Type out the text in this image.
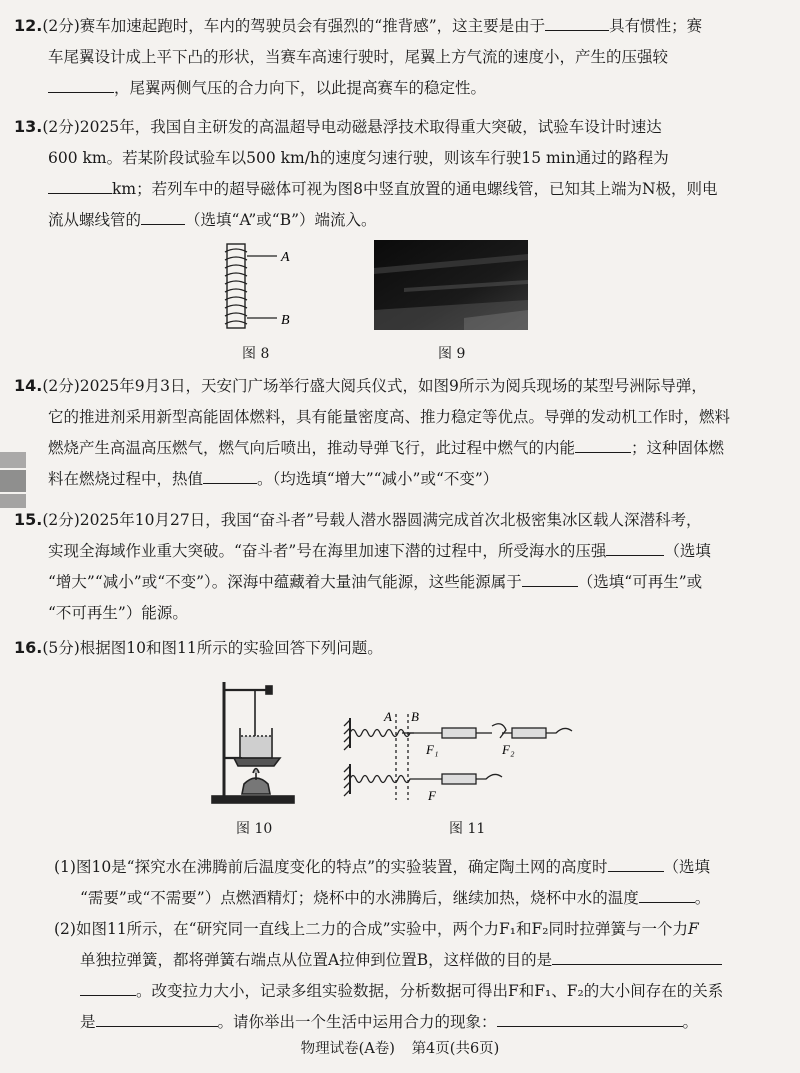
12.(2分)赛车加速起跑时，车内的驾驶员会有强烈的“推背感”，这主要是由于	具有惯性；赛

车尾翼设计成上平下凸的形状，当赛车高速行驶时，尾翼上方气流的速度小，产生的压强较

，尾翼两侧气压的合力向下，以此提高赛车的稳定性。

13.(2分)2025年，我国自主研发的高温超导电动磁悬浮技术取得重大突破，试验车设计时速达

600 km。若某阶段试验车以500 km/h的速度匀速行驶，则该车行驶15 min通过的路程为

km；若列车中的超导磁体可视为图8中竖直放置的通电螺线管，已知其上端为N极，则电

流从螺线管的	（选填“A”或“B”）端流入。

A
B
图 8	图 9

14.(2分)2025年9月3日，天安门广场举行盛大阅兵仪式，如图9所示为阅兵现场的某型号洲际导弹，

它的推进剂采用新型高能固体燃料，具有能量密度高、推力稳定等优点。导弹的发动机工作时，燃料

燃烧产生高温高压燃气，燃气向后喷出，推动导弹飞行，此过程中燃气的内能	；这种固体燃

料在燃烧过程中，热值	。（均选填“增大”“减小”或“不变”）

15.(2分)2025年10月27日，我国“奋斗者”号载人潜水器圆满完成首次北极密集冰区载人深潜科考，

实现全海域作业重大突破。“奋斗者”号在海里加速下潜的过程中，所受海水的压强	（选填

“增大”“减小”或“不变”）。深海中蕴藏着大量油气能源，这些能源属于	（选填“可再生”或

“不可再生”）能源。

16.(5分)根据图10和图11所示的实验回答下列问题。

图 10
A B
F₁	F₂
F
图 11

(1)图10是“探究水在沸腾前后温度变化的特点”的实验装置，确定陶土网的高度时	（选填

“需要”或“不需要”）点燃酒精灯；烧杯中的水沸腾后，继续加热，烧杯中水的温度	。

(2)如图11所示，在“研究同一直线上二力的合成”实验中，两个力F₁和F₂同时拉弹簧与一个力F

单独拉弹簧，都将弹簧右端点从位置A拉伸到位置B，这样做的目的是

。改变拉力大小，记录多组实验数据，分析数据可得出F和F₁、F₂的大小间存在的关系

是	。请你举出一个生活中运用合力的现象：	。

物理试卷(A卷) 第4页(共6页)
